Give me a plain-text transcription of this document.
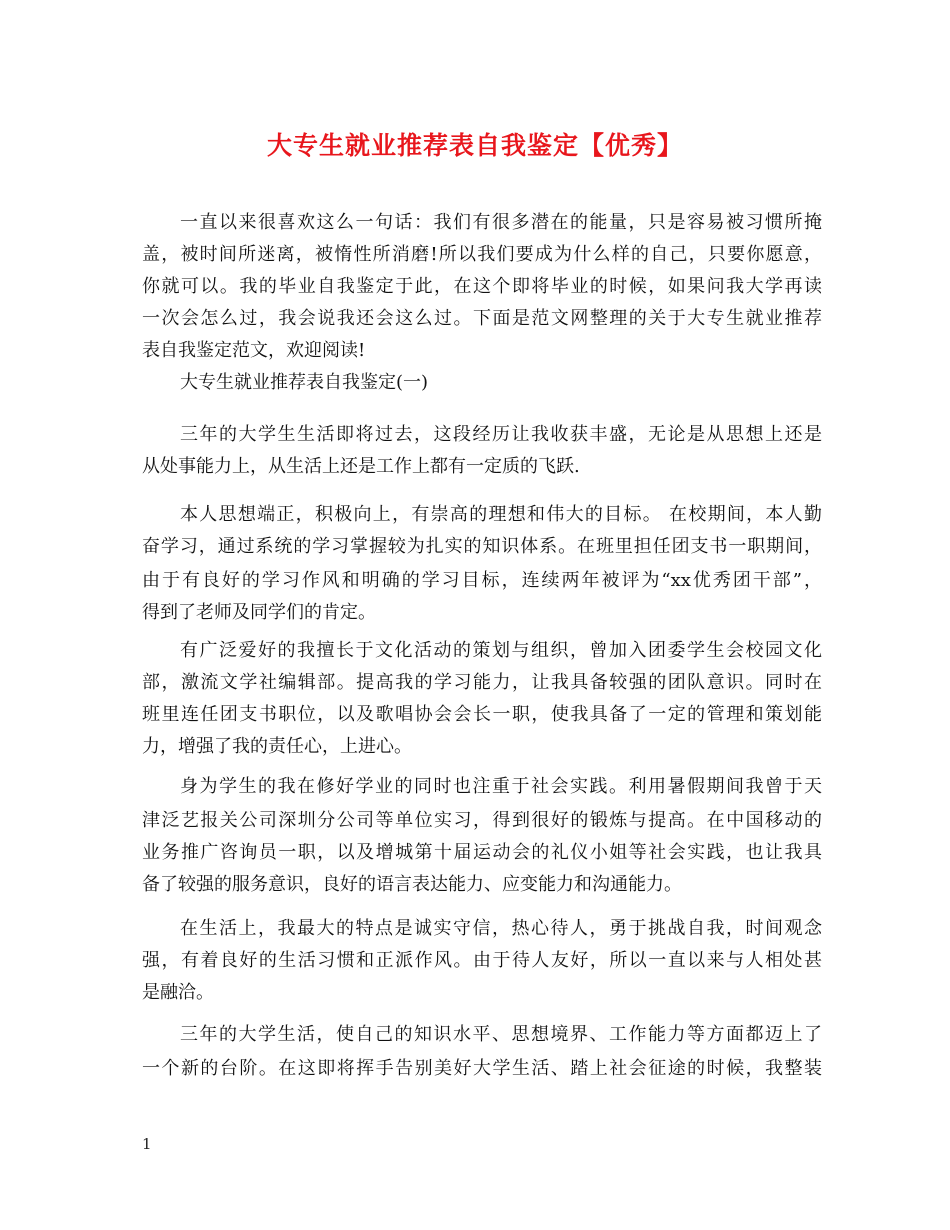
大专生就业推荐表自我鉴定【优秀】
一直以来很喜欢这么一句话：我们有很多潜在的能量，只是容易被习惯所掩
盖，被时间所迷离，被惰性所消磨!所以我们要成为什么样的自己，只要你愿意，
你就可以。我的毕业自我鉴定于此，在这个即将毕业的时候，如果问我大学再读
一次会怎么过，我会说我还会这么过。下面是范文网整理的关于大专生就业推荐
表自我鉴定范文，欢迎阅读!
大专生就业推荐表自我鉴定(一)
三年的大学生生活即将过去，这段经历让我收获丰盛，无论是从思想上还是
从处事能力上，从生活上还是工作上都有一定质的飞跃.
本人思想端正，积极向上，有崇高的理想和伟大的目标。 在校期间，本人勤
奋学习，通过系统的学习掌握较为扎实的知识体系。在班里担任团支书一职期间，
由于有良好的学习作风和明确的学习目标，连续两年被评为“xx优秀团干部”，
得到了老师及同学们的肯定。
有广泛爱好的我擅长于文化活动的策划与组织，曾加入团委学生会校园文化
部，激流文学社编辑部。提高我的学习能力，让我具备较强的团队意识。同时在
班里连任团支书职位，以及歌唱协会会长一职，使我具备了一定的管理和策划能
力，增强了我的责任心，上进心。
身为学生的我在修好学业的同时也注重于社会实践。利用暑假期间我曾于天
津泛艺报关公司深圳分公司等单位实习，得到很好的锻炼与提高。在中国移动的
业务推广咨询员一职，以及增城第十届运动会的礼仪小姐等社会实践，也让我具
备了较强的服务意识，良好的语言表达能力、应变能力和沟通能力。
在生活上，我最大的特点是诚实守信，热心待人，勇于挑战自我，时间观念
强，有着良好的生活习惯和正派作风。由于待人友好，所以一直以来与人相处甚
是融洽。
三年的大学生活，使自己的知识水平、思想境界、工作能力等方面都迈上了
一个新的台阶。在这即将挥手告别美好大学生活、踏上社会征途的时候，我整装
1
